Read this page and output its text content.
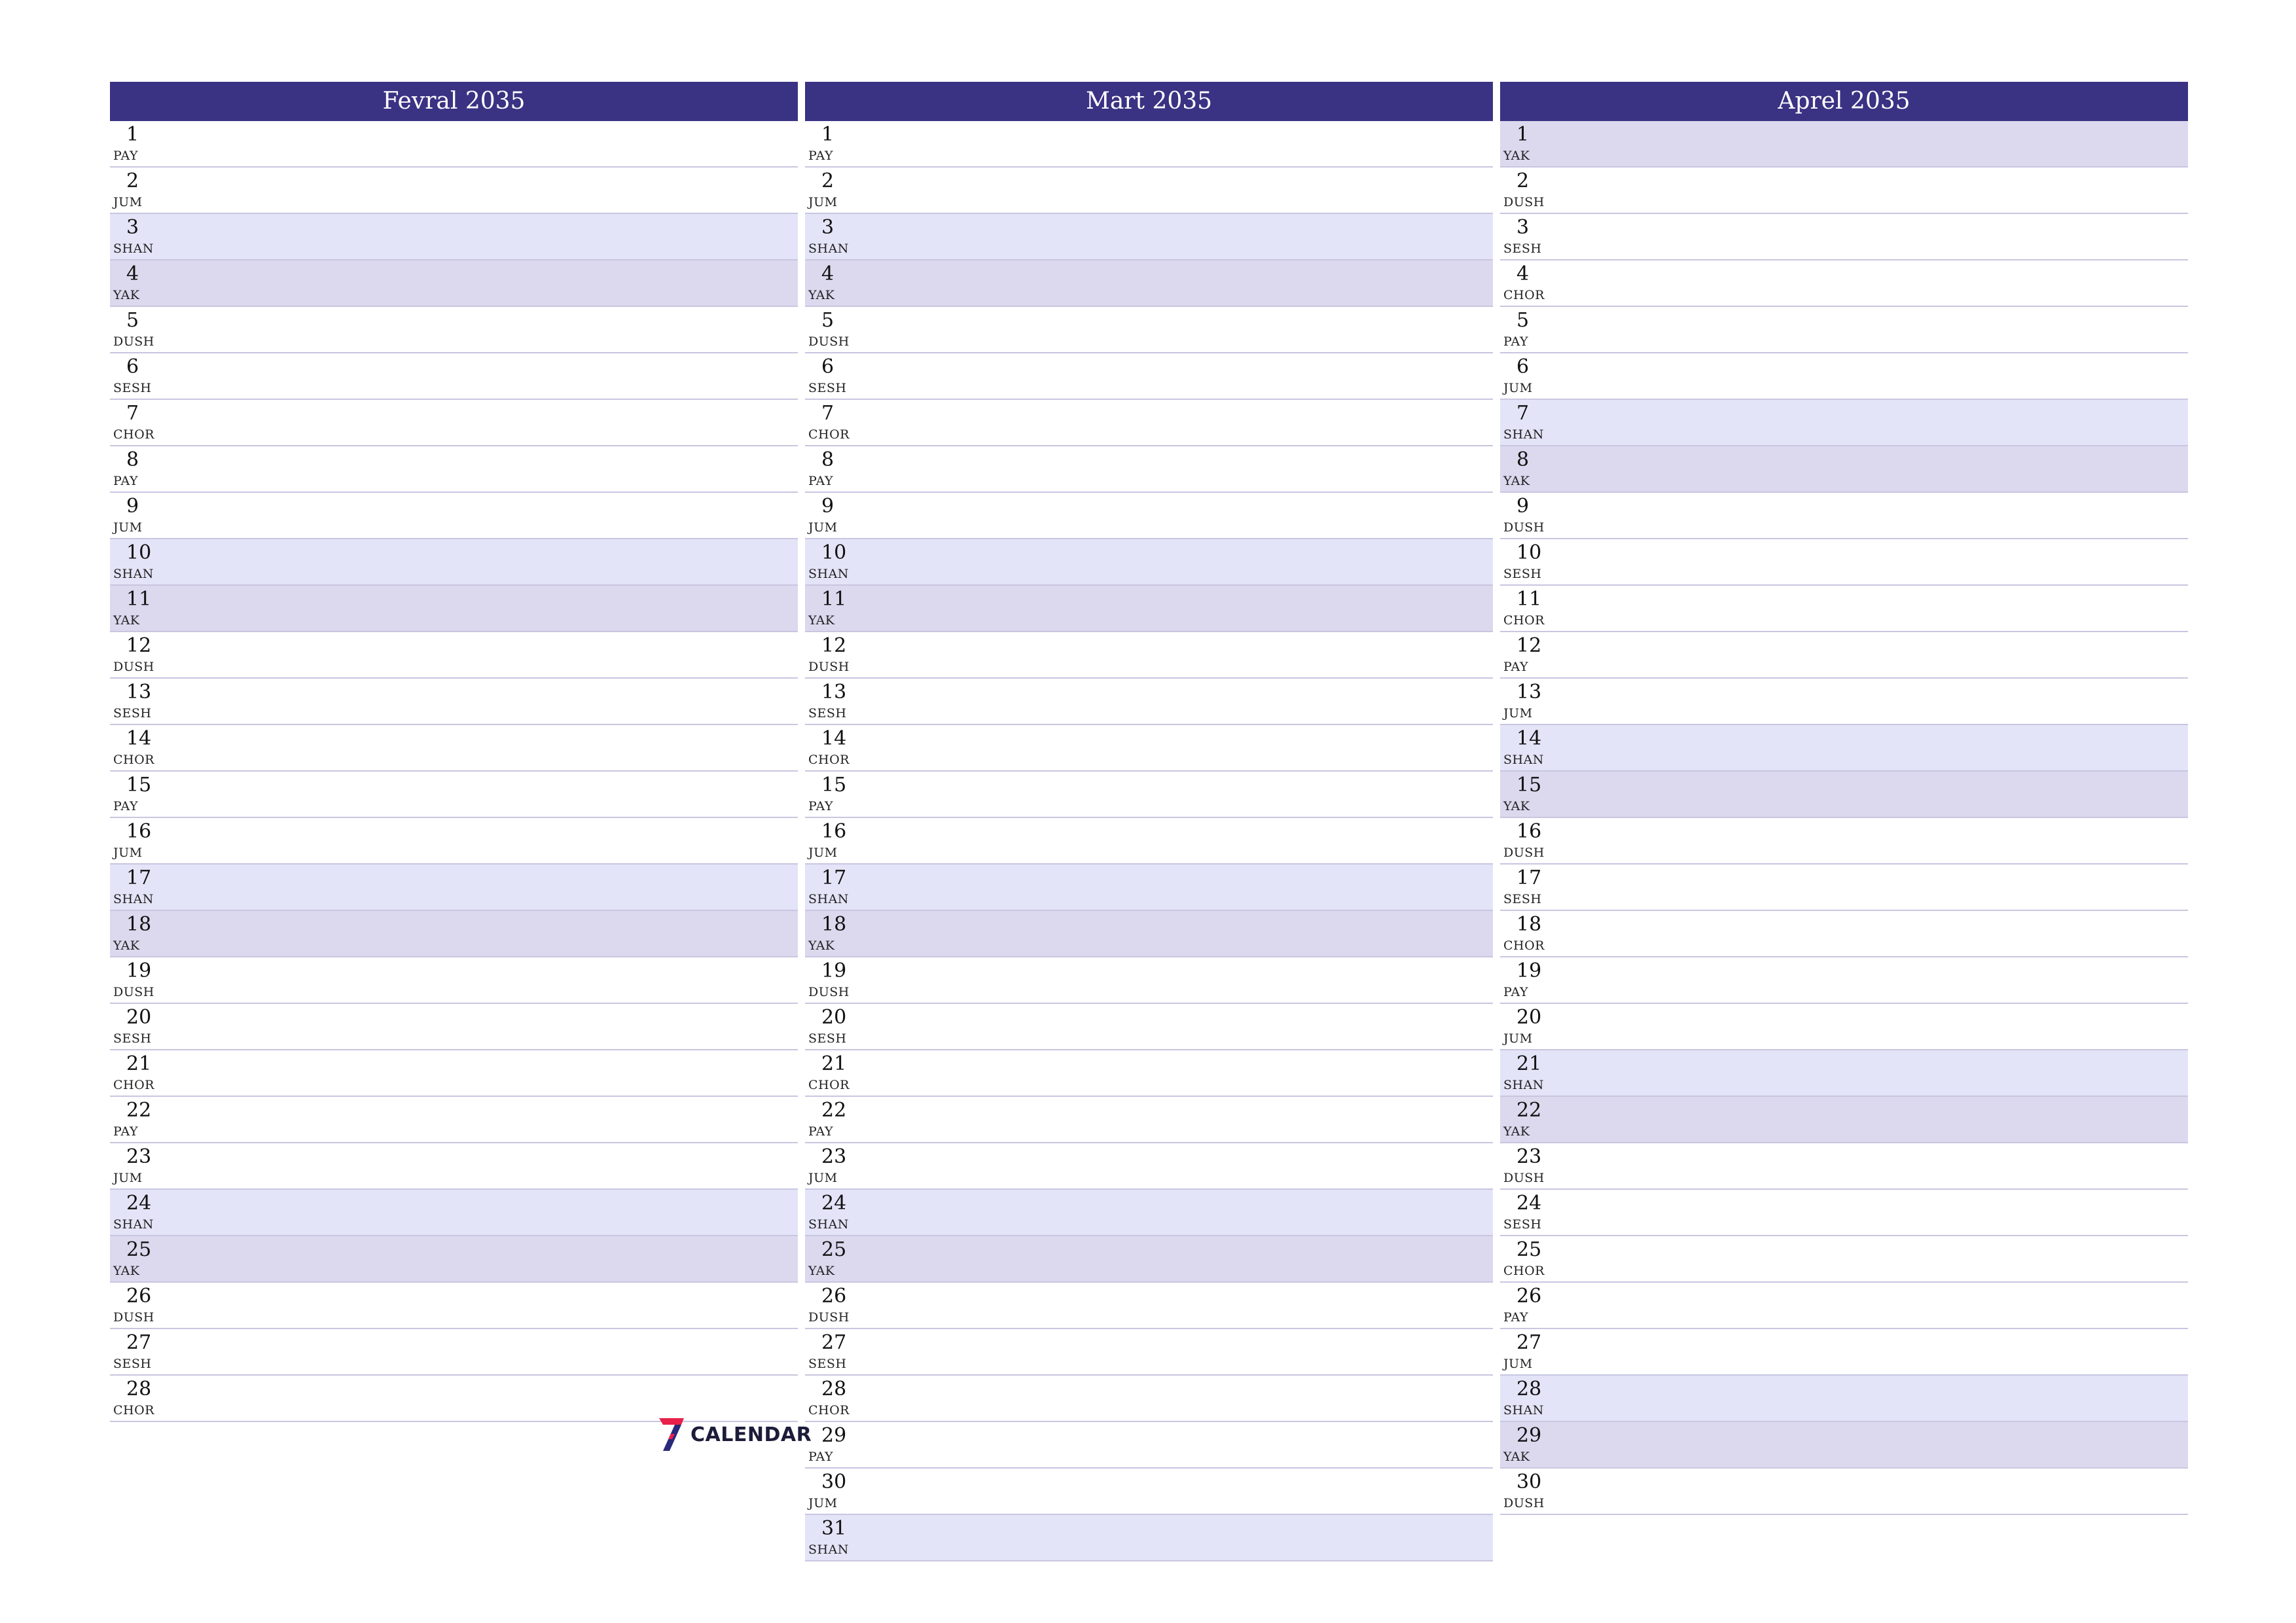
Fevral 2035
1
PAY
2
JUM
3
SHAN
4
YAK
5
DUSH
6
SESH
7
CHOR
8
PAY
9
JUM
10
SHAN
11
YAK
12
DUSH
13
SESH
14
CHOR
15
PAY
16
JUM
17
SHAN
18
YAK
19
DUSH
20
SESH
21
CHOR
22
PAY
23
JUM
24
SHAN
25
YAK
26
DUSH
27
SESH
28
CHOR
Mart 2035
1
PAY
2
JUM
3
SHAN
4
YAK
5
DUSH
6
SESH
7
CHOR
8
PAY
9
JUM
10
SHAN
11
YAK
12
DUSH
13
SESH
14
CHOR
15
PAY
16
JUM
17
SHAN
18
YAK
19
DUSH
20
SESH
21
CHOR
22
PAY
23
JUM
24
SHAN
25
YAK
26
DUSH
27
SESH
28
CHOR
29
PAY
30
JUM
31
SHAN
Aprel 2035
1
YAK
2
DUSH
3
SESH
4
CHOR
5
PAY
6
JUM
7
SHAN
8
YAK
9
DUSH
10
SESH
11
CHOR
12
PAY
13
JUM
14
SHAN
15
YAK
16
DUSH
17
SESH
18
CHOR
19
PAY
20
JUM
21
SHAN
22
YAK
23
DUSH
24
SESH
25
CHOR
26
PAY
27
JUM
28
SHAN
29
YAK
30
DUSH
CALENDAR
